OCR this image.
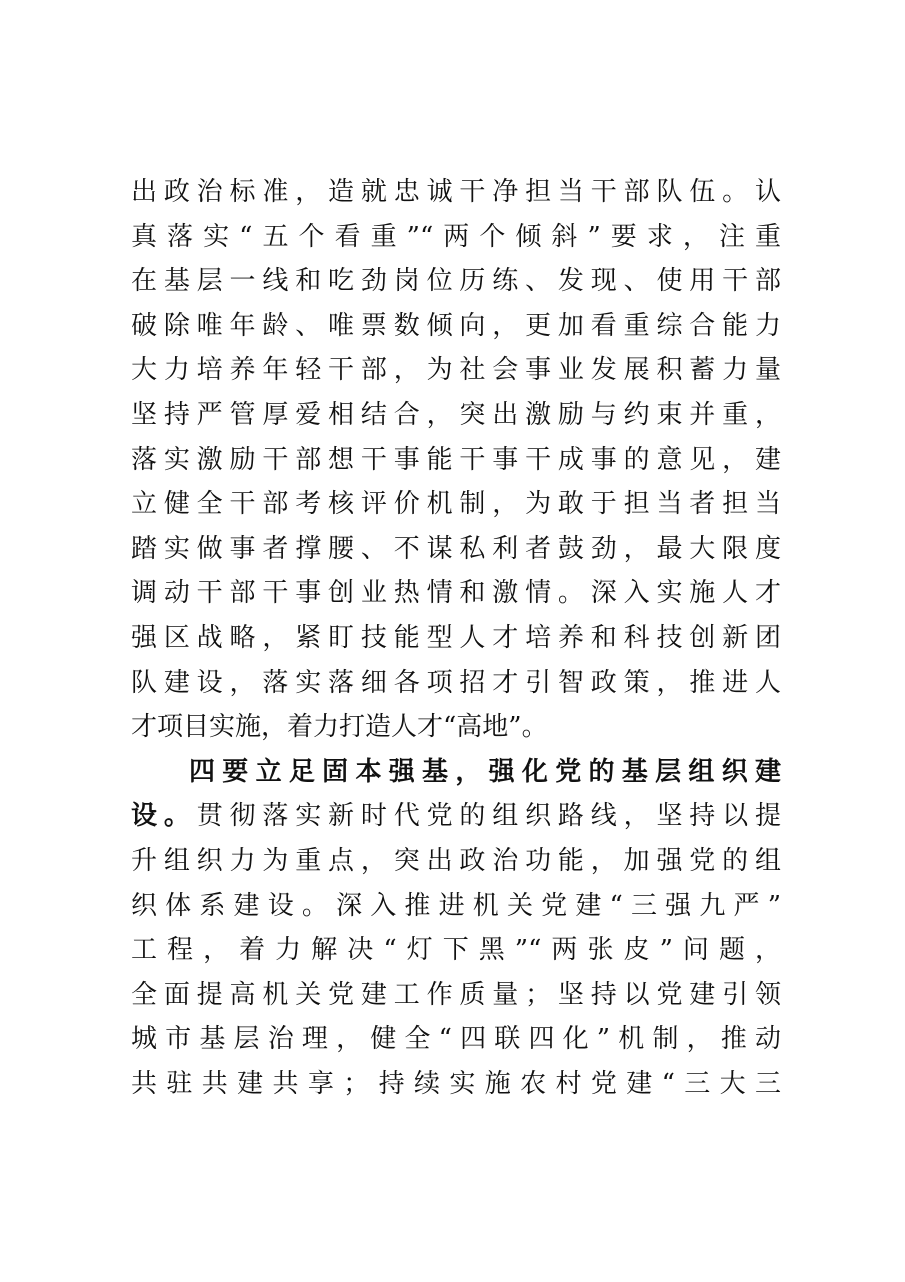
出政治标准，造就忠诚干净担当干部队伍。认
真落实“五个看重”“两个倾斜”要求，注重
在基层一线和吃劲岗位历练、发现、使用干部
破除唯年龄、唯票数倾向，更加看重综合能力
大力培养年轻干部，为社会事业发展积蓄力量
坚持严管厚爱相结合，突出激励与约束并重，
落实激励干部想干事能干事干成事的意见，建
立健全干部考核评价机制，为敢于担当者担当
踏实做事者撑腰、不谋私利者鼓劲，最大限度
调动干部干事创业热情和激情。深入实施人才
强区战略，紧盯技能型人才培养和科技创新团
队建设，落实落细各项招才引智政策，推进人
才项目实施，着力打造人才“高地”。
四要立足固本强基，强化党的基层组织建
设。贯彻落实新时代党的组织路线，坚持以提
升组织力为重点，突出政治功能，加强党的组
织体系建设。深入推进机关党建“三强九严”
工程，着力解决“灯下黑”“两张皮”问题，
全面提高机关党建工作质量；坚持以党建引领
城市基层治理，健全“四联四化”机制，推动
共驻共建共享；持续实施农村党建“三大三
